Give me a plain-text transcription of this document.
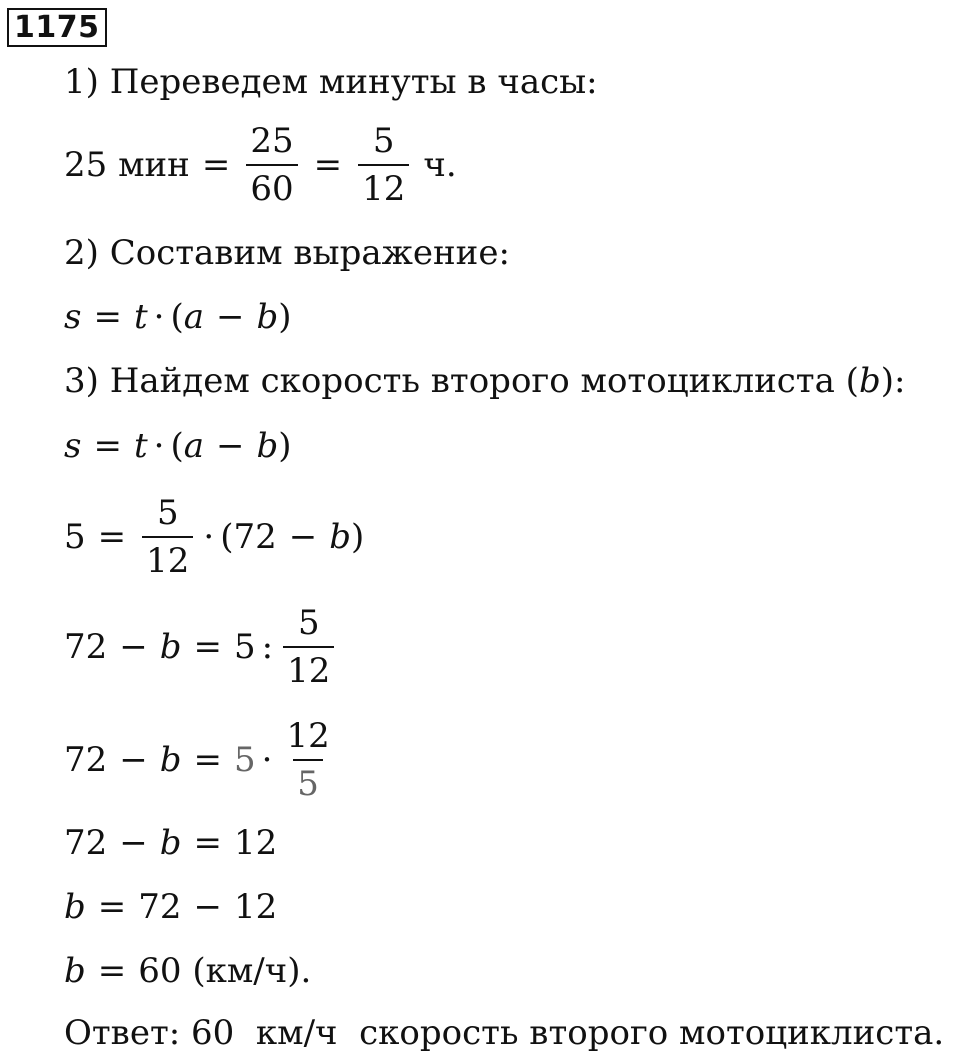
1175
1) Переведем минуты в часы:
25 мин = $\frac{25}{60} = \frac{5}{12} ч$.
2) Составим выражение:
s = t · ( a − b )
3) Найдем скорость второго мотоциклиста ( b ):
s = t · ( a − b )
$5 = \frac{5}{12} \cdot (72 - b$ )
72 − b = 5 : $\frac{5}{12}$
$72 - b = 5 \cdot \frac{12}{5}$
72 − b = 12
b = 72 − 12
b = 60 (км/ч).
Ответ: 60  км/ч  скорость второго мотоциклиста.
